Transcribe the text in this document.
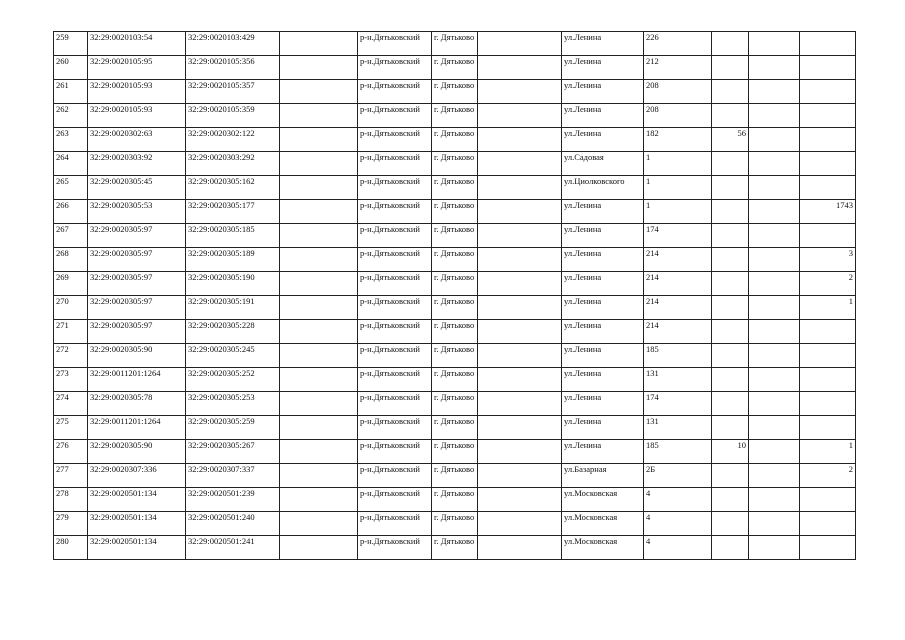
259	32:29:0020103:54	32:29:0020103:429		р-н.Дятьковский	г. Дятьково		ул.Ленина	226			
260	32:29:0020105:95	32:29:0020105:356		р-н.Дятьковский	г. Дятьково		ул.Ленина	212			
261	32:29:0020105:93	32:29:0020105:357		р-н.Дятьковский	г. Дятьково		ул.Ленина	208			
262	32:29:0020105:93	32:29:0020105:359		р-н.Дятьковский	г. Дятьково		ул.Ленина	208			
263	32:29:0020302:63	32:29:0020302:122		р-н.Дятьковский	г. Дятьково		ул.Ленина	182	56		
264	32:29:0020303:92	32:29:0020303:292		р-н.Дятьковский	г. Дятьково		ул.Садовая	1			
265	32:29:0020305:45	32:29:0020305:162		р-н.Дятьковский	г. Дятьково		ул.Циолковского	1			
266	32:29:0020305:53	32:29:0020305:177		р-н.Дятьковский	г. Дятьково		ул.Ленина	1			1743
267	32:29:0020305:97	32:29:0020305:185		р-н.Дятьковский	г. Дятьково		ул.Ленина	174			
268	32:29:0020305:97	32:29:0020305:189		р-н.Дятьковский	г. Дятьково		ул.Ленина	214			3
269	32:29:0020305:97	32:29:0020305:190		р-н.Дятьковский	г. Дятьково		ул.Ленина	214			2
270	32:29:0020305:97	32:29:0020305:191		р-н.Дятьковский	г. Дятьково		ул.Ленина	214			1
271	32:29:0020305:97	32:29:0020305:228		р-н.Дятьковский	г. Дятьково		ул.Ленина	214			
272	32:29:0020305:90	32:29:0020305:245		р-н.Дятьковский	г. Дятьково		ул.Ленина	185			
273	32:29:0011201:1264	32:29:0020305:252		р-н.Дятьковский	г. Дятьково		ул.Ленина	131			
274	32:29:0020305:78	32:29:0020305:253		р-н.Дятьковский	г. Дятьково		ул.Ленина	174			
275	32:29:0011201:1264	32:29:0020305:259		р-н.Дятьковский	г. Дятьково		ул.Ленина	131			
276	32:29:0020305:90	32:29:0020305:267		р-н.Дятьковский	г. Дятьково		ул.Ленина	185	10		1
277	32:29:0020307:336	32:29:0020307:337		р-н.Дятьковский	г. Дятьково		ул.Базарная	2Б			2
278	32:29:0020501:134	32:29:0020501:239		р-н.Дятьковский	г. Дятьково		ул.Московская	4			
279	32:29:0020501:134	32:29:0020501:240		р-н.Дятьковский	г. Дятьково		ул.Московская	4			
280	32:29:0020501:134	32:29:0020501:241		р-н.Дятьковский	г. Дятьково		ул.Московская	4			
